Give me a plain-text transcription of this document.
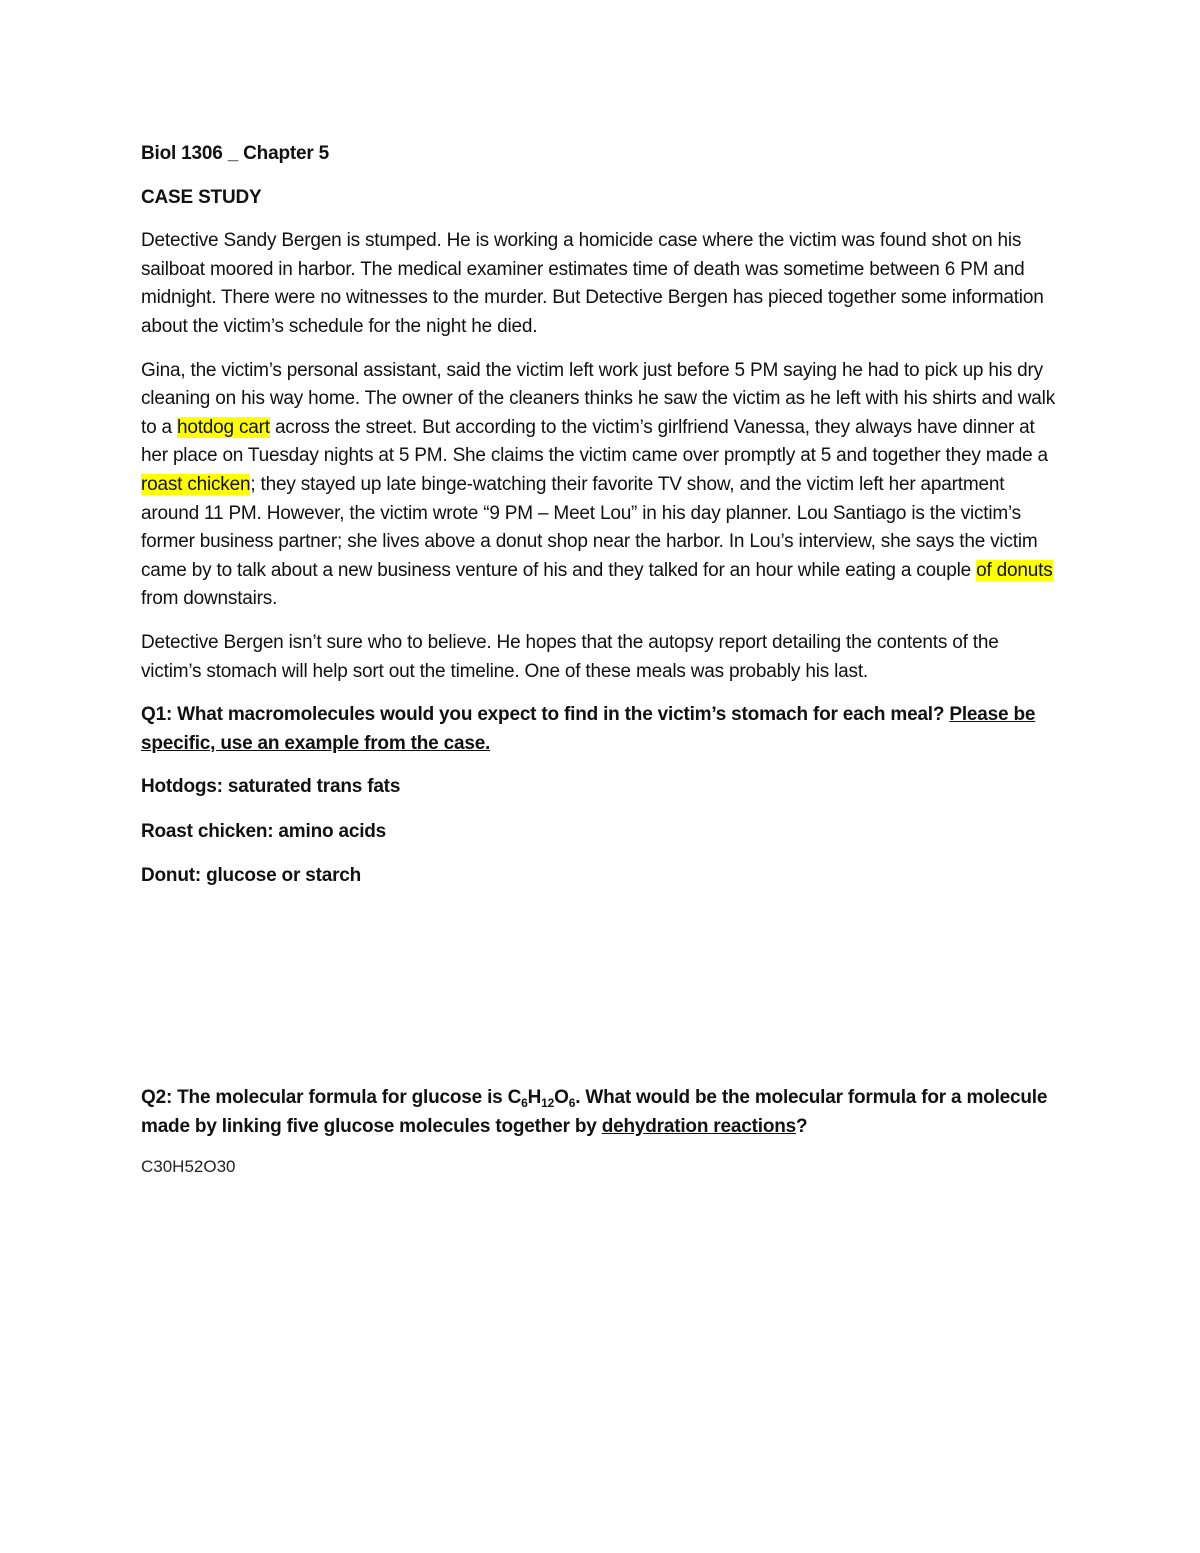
Biol 1306 _ Chapter 5
CASE STUDY

Detective Sandy Bergen is stumped. He is working a homicide case where the victim was found shot on his sailboat moored in harbor. The medical examiner estimates time of death was sometime between 6 PM and midnight. There were no witnesses to the murder. But Detective Bergen has pieced together some information about the victim’s schedule for the night he died.

Gina, the victim’s personal assistant, said the victim left work just before 5 PM saying he had to pick up his dry cleaning on his way home. The owner of the cleaners thinks he saw the victim as he left with his shirts and walk to a hotdog cart across the street. But according to the victim’s girlfriend Vanessa, they always have dinner at her place on Tuesday nights at 5 PM. She claims the victim came over promptly at 5 and together they made a roast chicken; they stayed up late binge-watching their favorite TV show, and the victim left her apartment around 11 PM. However, the victim wrote “9 PM – Meet Lou” in his day planner. Lou Santiago is the victim’s former business partner; she lives above a donut shop near the harbor. In Lou’s interview, she says the victim came by to talk about a new business venture of his and they talked for an hour while eating a couple of donuts from downstairs.

Detective Bergen isn’t sure who to believe. He hopes that the autopsy report detailing the contents of the victim’s stomach will help sort out the timeline. One of these meals was probably his last.

Q1: What macromolecules would you expect to find in the victim’s stomach for each meal? Please be specific, use an example from the case.
Hotdogs: saturated trans fats
Roast chicken: amino acids
Donut: glucose or starch
Q2: The molecular formula for glucose is $C_6H_{12}O_6$. What would be the molecular formula for a molecule made by linking five glucose molecules together by dehydration reactions?
C30H52O30
